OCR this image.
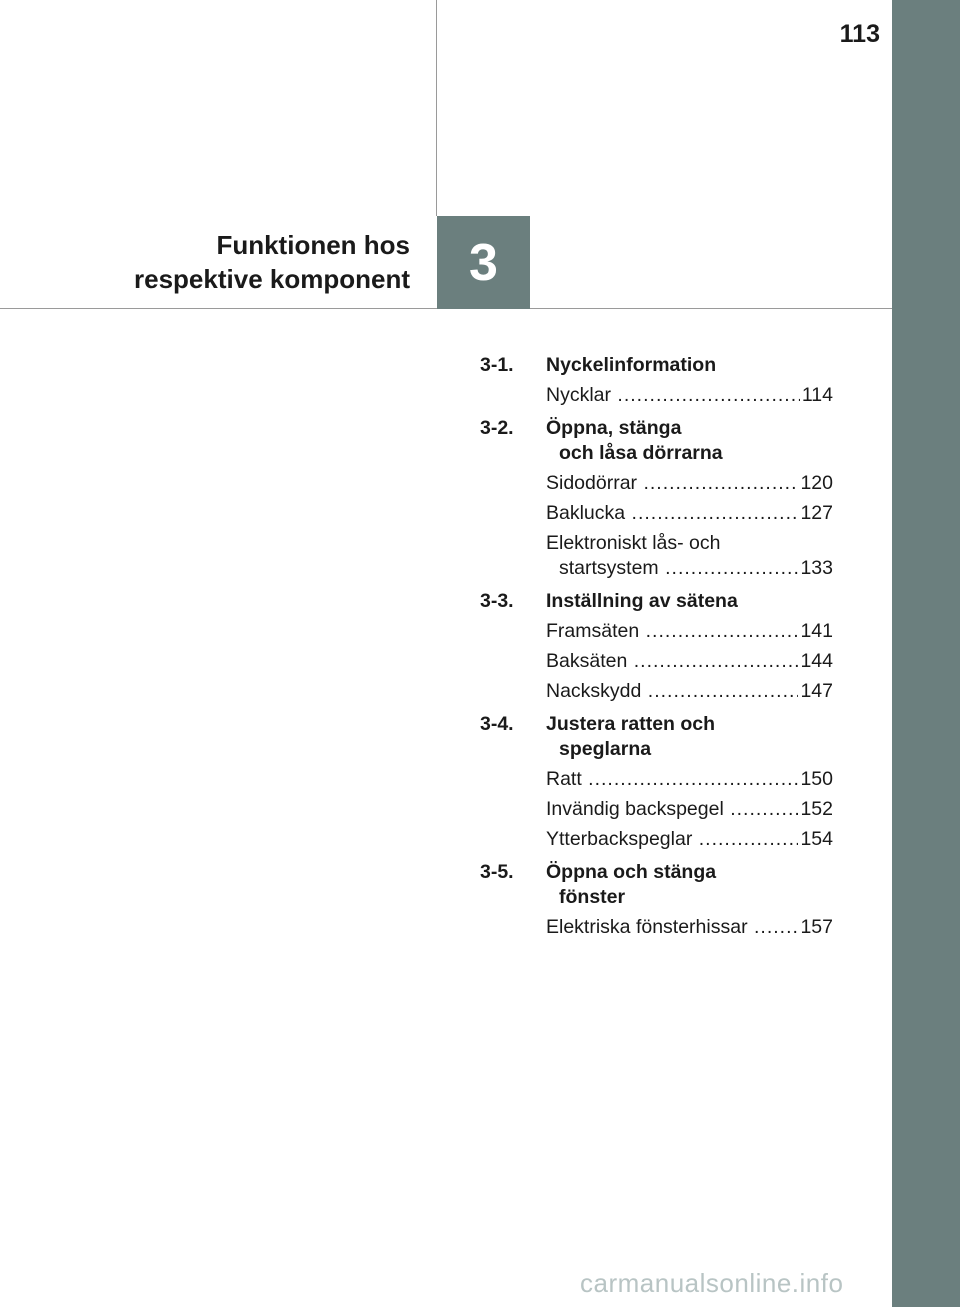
113
3
Funktionen hos
respektive komponent
3-1.	Nyckelinformation
Nycklar .....	114
3-2.	Öppna, stänga
och låsa dörrarna
Sidodörrar .....	120
Baklucka .....	127
Elektroniskt lås- och
startsystem .....	133
3-3.	Inställning av sätena
Framsäten .....	141
Baksäten .....	144
Nackskydd .....	147
3-4.	Justera ratten och
speglarna
Ratt .....	150
Invändig backspegel .....	152
Ytterbackspeglar .....	154
3-5.	Öppna och stänga
fönster
Elektriska fönsterhissar .....	157
carmanualsonline.info
